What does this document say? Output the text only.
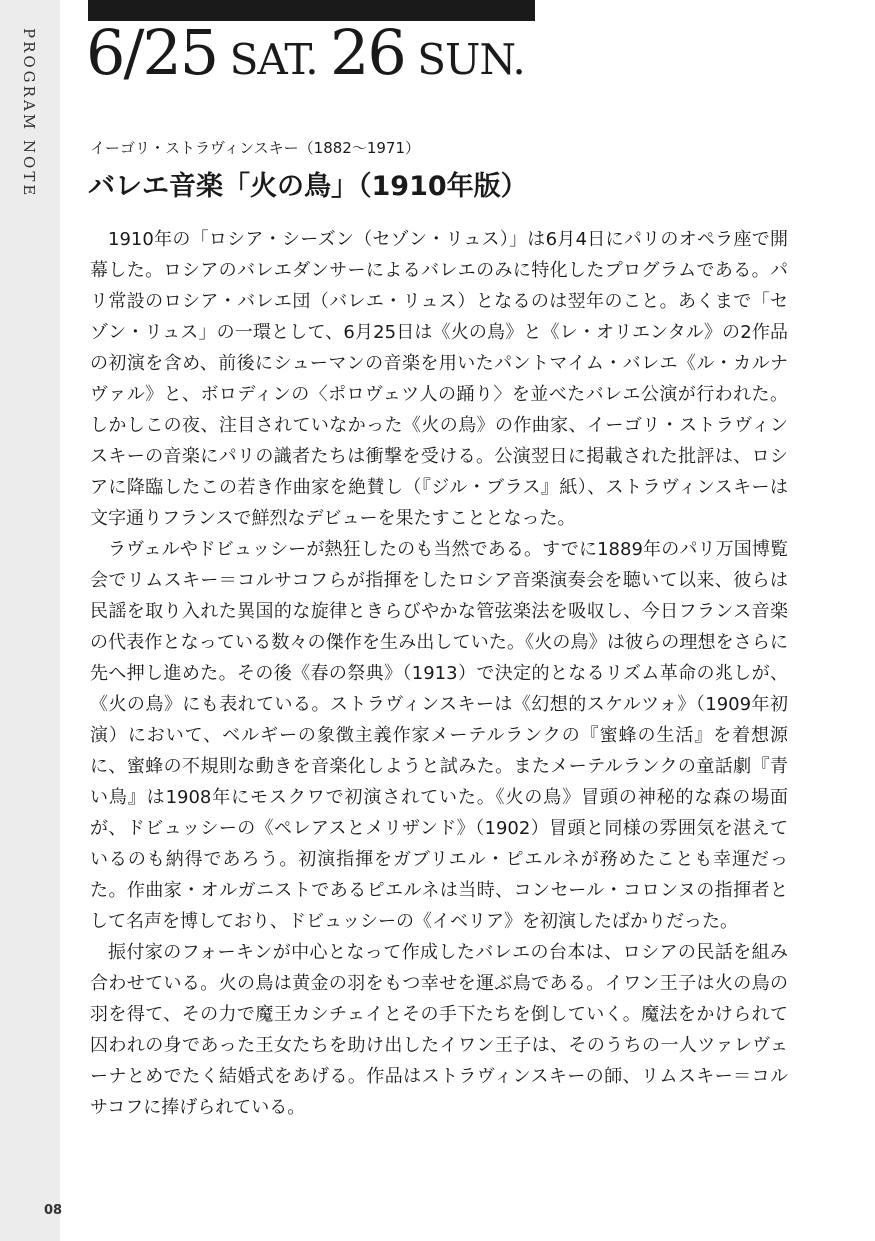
PROGRAM NOTE
08
6/25 SAT. 26 SUN.
イーゴリ・ストラヴィンスキー（1882〜1971）
バレエ音楽「火の鳥」（1910年版）

1910年の「ロシア・シーズン（セゾン・リュス）」は6月4日にパリのオペラ座で開幕した。ロシアのバレエダンサーによるバレエのみに特化したプログラムである。パリ常設のロシア・バレエ団（バレエ・リュス）となるのは翌年のこと。あくまで「セゾン・リュス」の一環として、6月25日は《火の鳥》と《レ・オリエンタル》の2作品の初演を含め、前後にシューマンの音楽を用いたパントマイム・バレエ《ル・カルナヴァル》と、ボロディンの〈ポロヴェツ人の踊り〉を並べたバレエ公演が行われた。しかしこの夜、注目されていなかった《火の鳥》の作曲家、イーゴリ・ストラヴィンスキーの音楽にパリの識者たちは衝撃を受ける。公演翌日に掲載された批評は、ロシアに降臨したこの若き作曲家を絶賛し（『ジル・ブラス』紙）、ストラヴィンスキーは文字通りフランスで鮮烈なデビューを果たすこととなった。

ラヴェルやドビュッシーが熱狂したのも当然である。すでに1889年のパリ万国博覧会でリムスキー＝コルサコフらが指揮をしたロシア音楽演奏会を聴いて以来、彼らは民謡を取り入れた異国的な旋律ときらびやかな管弦楽法を吸収し、今日フランス音楽の代表作となっている数々の傑作を生み出していた。《火の鳥》は彼らの理想をさらに先へ押し進めた。その後《春の祭典》（1913）で決定的となるリズム革命の兆しが、《火の鳥》にも表れている。ストラヴィンスキーは《幻想的スケルツォ》（1909年初演）において、ベルギーの象徴主義作家メーテルランクの『蜜蜂の生活』を着想源に、蜜蜂の不規則な動きを音楽化しようと試みた。またメーテルランクの童話劇『青い鳥』は1908年にモスクワで初演されていた。《火の鳥》冒頭の神秘的な森の場面が、ドビュッシーの《ペレアスとメリザンド》（1902）冒頭と同様の雰囲気を湛えているのも納得であろう。初演指揮をガブリエル・ピエルネが務めたことも幸運だった。作曲家・オルガニストであるピエルネは当時、コンセール・コロンヌの指揮者として名声を博しており、ドビュッシーの《イベリア》を初演したばかりだった。

振付家のフォーキンが中心となって作成したバレエの台本は、ロシアの民話を組み合わせている。火の鳥は黄金の羽をもつ幸せを運ぶ鳥である。イワン王子は火の鳥の羽を得て、その力で魔王カシチェイとその手下たちを倒していく。魔法をかけられて囚われの身であった王女たちを助け出したイワン王子は、そのうちの一人ツァレヴェーナとめでたく結婚式をあげる。作品はストラヴィンスキーの師、リムスキー＝コルサコフに捧げられている。
